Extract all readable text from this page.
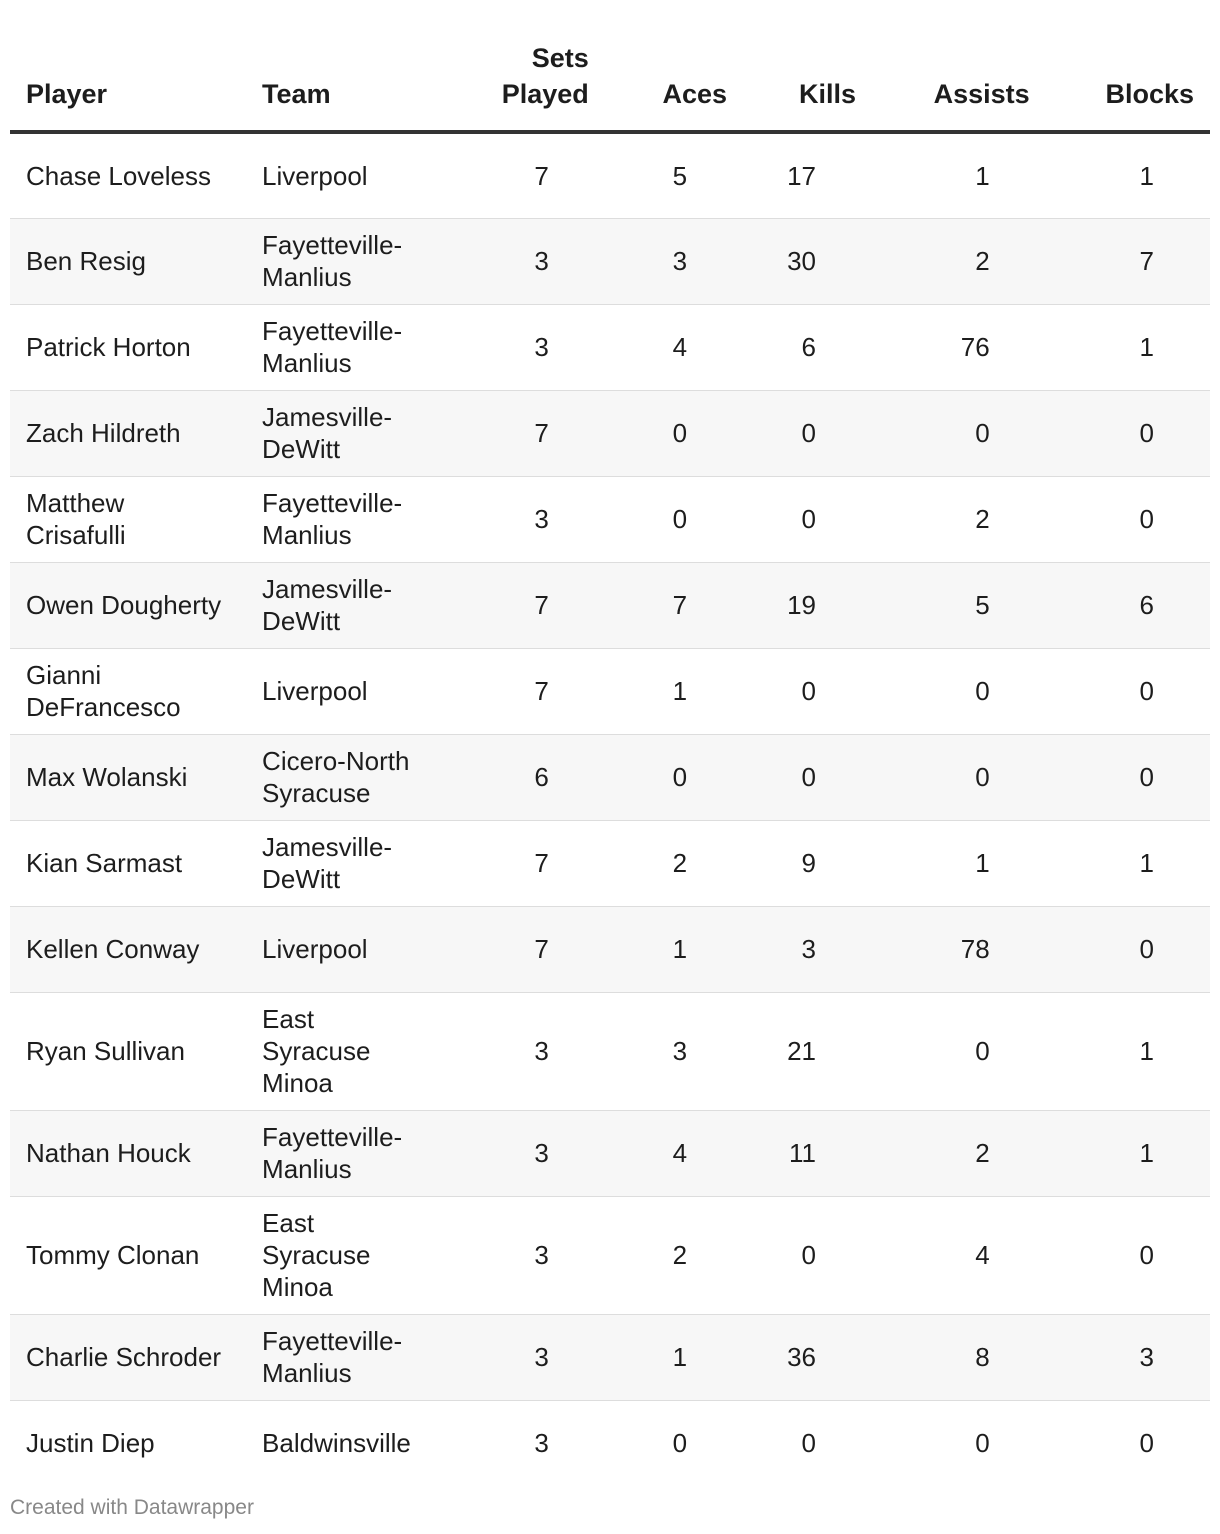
Player	Team	Sets Played	Aces	Kills	Assists	Blocks
Chase Loveless	Liverpool	7	5	17	1	1
Ben Resig	Fayetteville-Manlius	3	3	30	2	7
Patrick Horton	Fayetteville-Manlius	3	4	6	76	1
Zach Hildreth	Jamesville-DeWitt	7	0	0	0	0
Matthew Crisafulli	Fayetteville-Manlius	3	0	0	2	0
Owen Dougherty	Jamesville-DeWitt	7	7	19	5	6
Gianni DeFrancesco	Liverpool	7	1	0	0	0
Max Wolanski	Cicero-North Syracuse	6	0	0	0	0
Kian Sarmast	Jamesville-DeWitt	7	2	9	1	1
Kellen Conway	Liverpool	7	1	3	78	0
Ryan Sullivan	East Syracuse Minoa	3	3	21	0	1
Nathan Houck	Fayetteville-Manlius	3	4	11	2	1
Tommy Clonan	East Syracuse Minoa	3	2	0	4	0
Charlie Schroder	Fayetteville-Manlius	3	1	36	8	3
Justin Diep	Baldwinsville	3	0	0	0	0
Created with Datawrapper
